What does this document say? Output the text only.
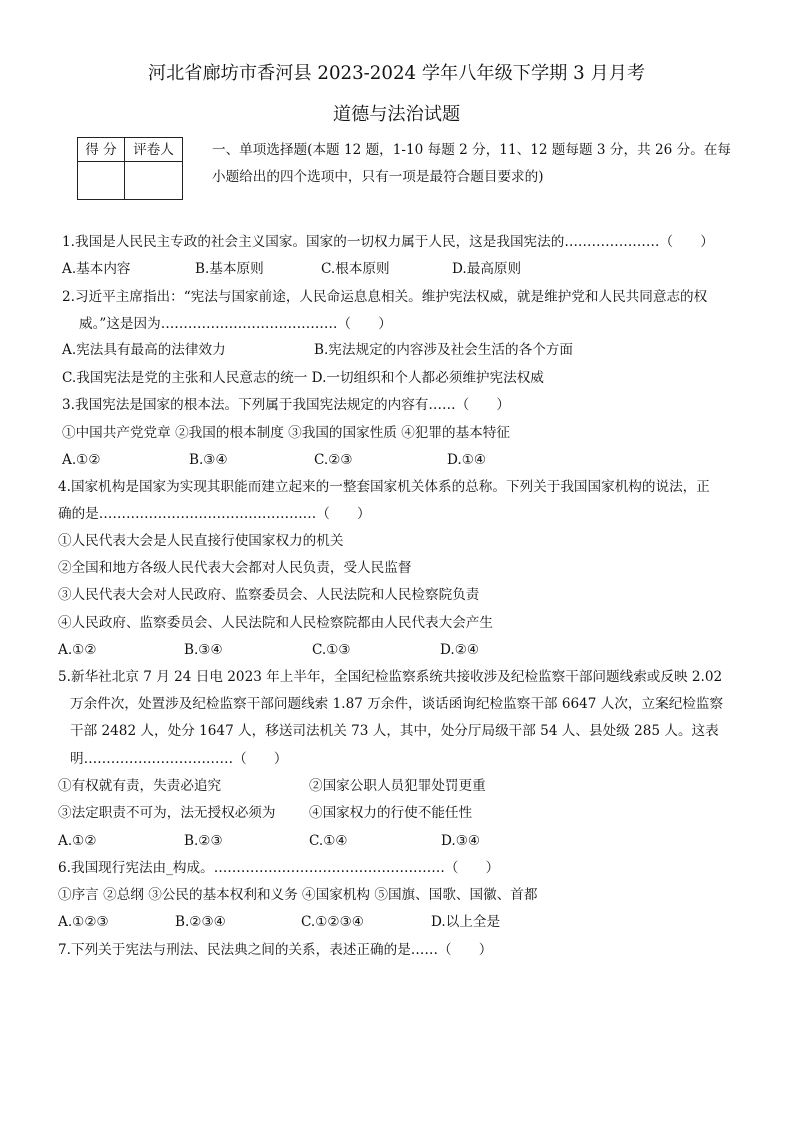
河北省廊坊市香河县 2023-2024 学年八年级下学期 3 月月考
道德与法治试题
得 分	评卷人
		一、单项选择题(本题 12 题，1-10 每题 2 分，11、12 题每题 3 分，共 26 分。在每
小题给出的四个选项中，只有一项是最符合题目要求的)
1.我国是人民民主专政的社会主义国家。国家的一切权力属于人民，这是我国宪法的…………………（　　）
A.基本内容	B.基本原则	C.根本原则	D.最高原则
2.习近平主席指出：“宪法与国家前途，人民命运息息相关。维护宪法权威，就是维护党和人民共同意志的权
威。”这是因为…………………………………（　　）
A.宪法具有最高的法律效力	B.宪法规定的内容涉及社会生活的各个方面
C.我国宪法是党的主张和人民意志的统一 D.一切组织和个人都必须维护宪法权威
3.我国宪法是国家的根本法。下列属于我国宪法规定的内容有……（　　）
①中国共产党党章 ②我国的根本制度 ③我国的国家性质 ④犯罪的基本特征
A.①②	B.③④	C.②③	D.①④
4.国家机构是国家为实现其职能而建立起来的一整套国家机关体系的总称。下列关于我国国家机构的说法，正
确的是…………………………………………（　　）
①人民代表大会是人民直接行使国家权力的机关
②全国和地方各级人民代表大会都对人民负责，受人民监督
③人民代表大会对人民政府、监察委员会、人民法院和人民检察院负责
④人民政府、监察委员会、人民法院和人民检察院都由人民代表大会产生
A.①②	B.③④	C.①③	D.②④
5.新华社北京 7 月 24 日电 2023 年上半年，全国纪检监察系统共接收涉及纪检监察干部问题线索或反映 2.02
万余件次，处置涉及纪检监察干部问题线索 1.87 万余件，谈话函询纪检监察干部 6647 人次，立案纪检监察
干部 2482 人，处分 1647 人，移送司法机关 73 人，其中，处分厅局级干部 54 人、县处级 285 人。这表
明……………………………（　　）
①有权就有责，失责必追究	②国家公职人员犯罪处罚更重
③法定职责不可为，法无授权必须为 ④国家权力的行使不能任性
A.①②	B.②③	C.①④	D.③④
6.我国现行宪法由_构成。……………………………………………（　　）
①序言 ②总纲 ③公民的基本权利和义务 ④国家机构 ⑤国旗、国歌、国徽、首都
A.①②③	B.②③④	C.①②③④	D.以上全是
7.下列关于宪法与刑法、民法典之间的关系，表述正确的是……（　　）
